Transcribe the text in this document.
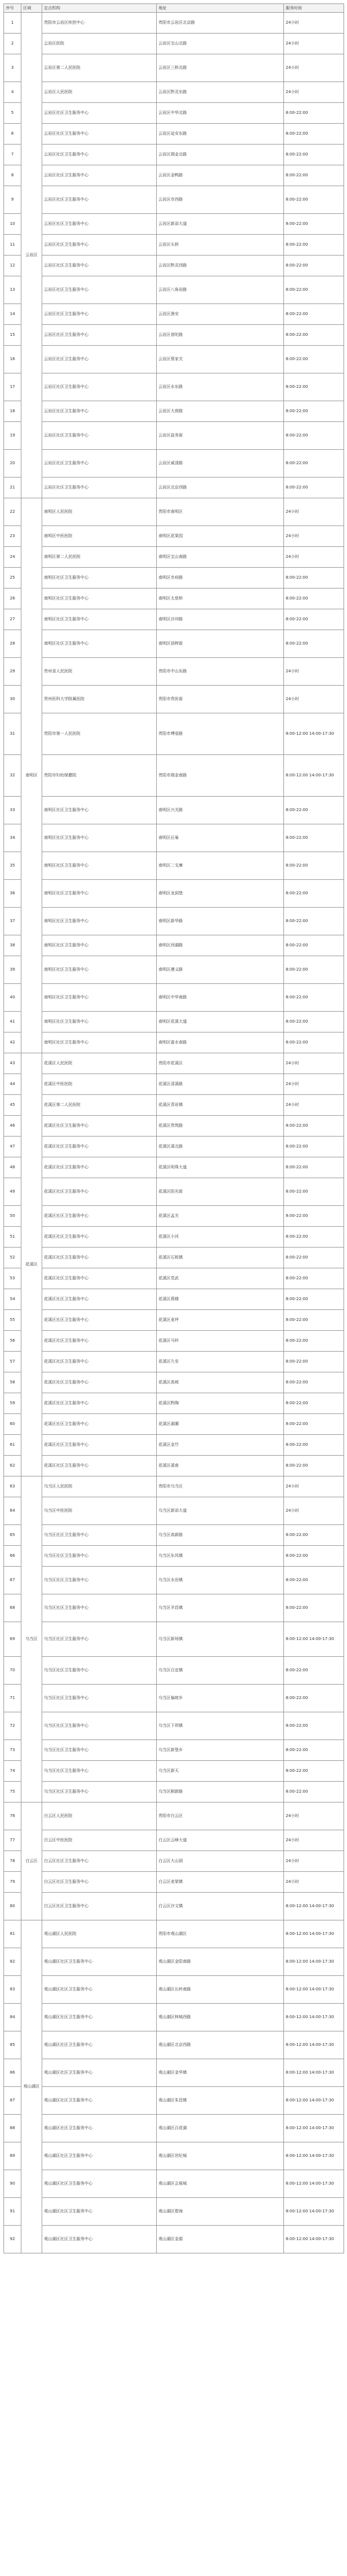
序号	区域	定点机构	地址	服务时间
1	云岩区	贵阳市云岩区疾控中心	贵阳市云岩区北京路	24小时
2		云岩区医院	云岩区宝山北路	24小时
3		云岩区第二人民医院	云岩区三桥北路	24小时
4		云岩区人民医院	云岩区黔灵东路	24小时
5		云岩区社区卫生服务中心	云岩区中华北路	8:00-22:00
6		云岩区社区卫生服务中心	云岩区延安东路	8:00-22:00
7		云岩区社区卫生服务中心	云岩区瑞金北路	8:00-22:00
8		云岩区社区卫生服务中心	云岩区金鸭路	8:00-22:00
9		云岩区社区卫生服务中心	云岩区市西路	8:00-22:00
10		云岩区社区卫生服务中心	云岩区新添大道	8:00-22:00
11		云岩区社区卫生服务中心	云岩区头桥	8:00-22:00
12		云岩区社区卫生服务中心	云岩区黔灵西路	8:00-22:00
13		云岩区社区卫生服务中心	云岩区八角岩路	8:00-22:00
14		云岩区社区卫生服务中心	云岩区渔安	8:00-22:00
15		云岩区社区卫生服务中心	云岩区普陀路	8:00-22:00
16		云岩区社区卫生服务中心	云岩区蔡家关	8:00-22:00
17		云岩区社区卫生服务中心	云岩区水东路	8:00-22:00
18		云岩区社区卫生服务中心	云岩区大营路	8:00-22:00
19		云岩区社区卫生服务中心	云岩区盐务街	8:00-22:00
20		云岩区社区卫生服务中心	云岩区威清路	8:00-22:00
21		云岩区社区卫生服务中心	云岩区北京西路	8:00-22:00
22	南明区	南明区人民医院	贵阳市南明区	24小时
23		南明区中医医院	南明区花果园	24小时
24		南明区第二人民医院	南明区宝山南路	24小时
25		南明区社区卫生服务中心	南明区市府路	8:00-22:00
26		南明区社区卫生服务中心	南明区太慈桥	8:00-22:00
27		南明区社区卫生服务中心	南明区沙冲路	8:00-22:00
28		南明区社区卫生服务中心	南明区油榨街	8:00-22:00
29		贵州省人民医院	贵阳市中山东路	24小时
30		贵州医科大学附属医院	贵阳市贵医街	24小时
31		贵阳市第一人民医院	贵阳市博爱路	8:00-12:00 14:00-17:30
32		贵阳市妇幼保健院	贵阳市瑞金南路	8:00-12:00 14:00-17:30
33		南明区社区卫生服务中心	南明区兴关路	8:00-22:00
34		南明区社区卫生服务中心	南明区后巢	8:00-22:00
35		南明区社区卫生服务中心	南明区二戈寨	8:00-22:00
36		南明区社区卫生服务中心	南明区龙洞堡	8:00-22:00
37		南明区社区卫生服务中心	南明区新华路	8:00-22:00
38		南明区社区卫生服务中心	南明区西湖路	8:00-22:00
39		南明区社区卫生服务中心	南明区遵义路	8:00-22:00
40		南明区社区卫生服务中心	南明区中华南路	8:00-22:00
41		南明区社区卫生服务中心	南明区花溪大道	8:00-22:00
42		南明区社区卫生服务中心	南明区富水南路	8:00-22:00
43	花溪区	花溪区人民医院	贵阳市花溪区	24小时
44		花溪区中医医院	花溪区清溪路	24小时
45		花溪区第二人民医院	花溪区青岩镇	24小时
46		花溪区社区卫生服务中心	花溪区贵筑路	8:00-22:00
47		花溪区社区卫生服务中心	花溪区溪北路	8:00-22:00
48		花溪区社区卫生服务中心	花溪区明珠大道	8:00-22:00
49		花溪区社区卫生服务中心	花溪区阳光街	8:00-22:00
50		花溪区社区卫生服务中心	花溪区孟关	8:00-22:00
51		花溪区社区卫生服务中心	花溪区小河	8:00-22:00
52		花溪区社区卫生服务中心	花溪区石板镇	8:00-22:00
53		花溪区社区卫生服务中心	花溪区党武	8:00-22:00
54		花溪区社区卫生服务中心	花溪区燕楼	8:00-22:00
55		花溪区社区卫生服务中心	花溪区麦坪	8:00-22:00
56		花溪区社区卫生服务中心	花溪区马铃	8:00-22:00
57		花溪区社区卫生服务中心	花溪区久安	8:00-22:00
58		花溪区社区卫生服务中心	花溪区高坡	8:00-22:00
59		花溪区社区卫生服务中心	花溪区黔陶	8:00-22:00
60		花溪区社区卫生服务中心	花溪区湖潮	8:00-22:00
61		花溪区社区卫生服务中心	花溪区金竹	8:00-22:00
62		花溪区社区卫生服务中心	花溪区溪南	8:00-22:00
63	乌当区	乌当区人民医院	贵阳市乌当区	24小时
64		乌当区中医医院	乌当区新添大道	24小时
65		乌当区社区卫生服务中心	乌当区高新路	8:00-22:00
66		乌当区社区卫生服务中心	乌当区东风镇	8:00-22:00
67		乌当区社区卫生服务中心	乌当区水田镇	8:00-22:00
68		乌当区社区卫生服务中心	乌当区羊昌镇	8:00-22:00
69		乌当区社区卫生服务中心	乌当区新场镇	8:00-12:00 14:00-17:30
70		乌当区社区卫生服务中心	乌当区百宜镇	8:00-22:00
71		乌当区社区卫生服务中心	乌当区偏坡乡	8:00-22:00
72		乌当区社区卫生服务中心	乌当区下坝镇	8:00-22:00
73		乌当区社区卫生服务中心	乌当区新堡乡	8:00-22:00
74		乌当区社区卫生服务中心	乌当区新天	8:00-22:00
75		乌当区社区卫生服务中心	乌当区顺新路	8:00-22:00
76	白云区	白云区人民医院	贵阳市白云区	24小时
77		白云区中医医院	白云区云峰大道	24小时
78		白云区社区卫生服务中心	白云区大山洞	24小时
79		白云区社区卫生服务中心	白云区麦架镇	24小时
80		白云区社区卫生服务中心	白云区沙文镇	8:00-12:00 14:00-17:30
81	观山湖区	观山湖区人民医院	贵阳市观山湖区	8:00-12:00 14:00-17:30
82		观山湖区社区卫生服务中心	观山湖区金阳南路	8:00-12:00 14:00-17:30
83		观山湖区社区卫生服务中心	观山湖区长岭南路	8:00-12:00 14:00-17:30
84		观山湖区社区卫生服务中心	观山湖区林城西路	8:00-12:00 14:00-17:30
85		观山湖区社区卫生服务中心	观山湖区北京西路	8:00-12:00 14:00-17:30
86		观山湖区社区卫生服务中心	观山湖区金华镇	8:00-12:00 14:00-17:30
87		观山湖区社区卫生服务中心	观山湖区朱昌镇	8:00-12:00 14:00-17:30
88		观山湖区社区卫生服务中心	观山湖区百花湖	8:00-12:00 14:00-17:30
89		观山湖区社区卫生服务中心	观山湖区世纪城	8:00-12:00 14:00-17:30
90		观山湖区社区卫生服务中心	观山湖区会展城	8:00-12:00 14:00-17:30
91		观山湖区社区卫生服务中心	观山湖区碧海	8:00-12:00 14:00-17:30
92		观山湖区社区卫生服务中心	观山湖区金源	8:00-12:00 14:00-17:30
